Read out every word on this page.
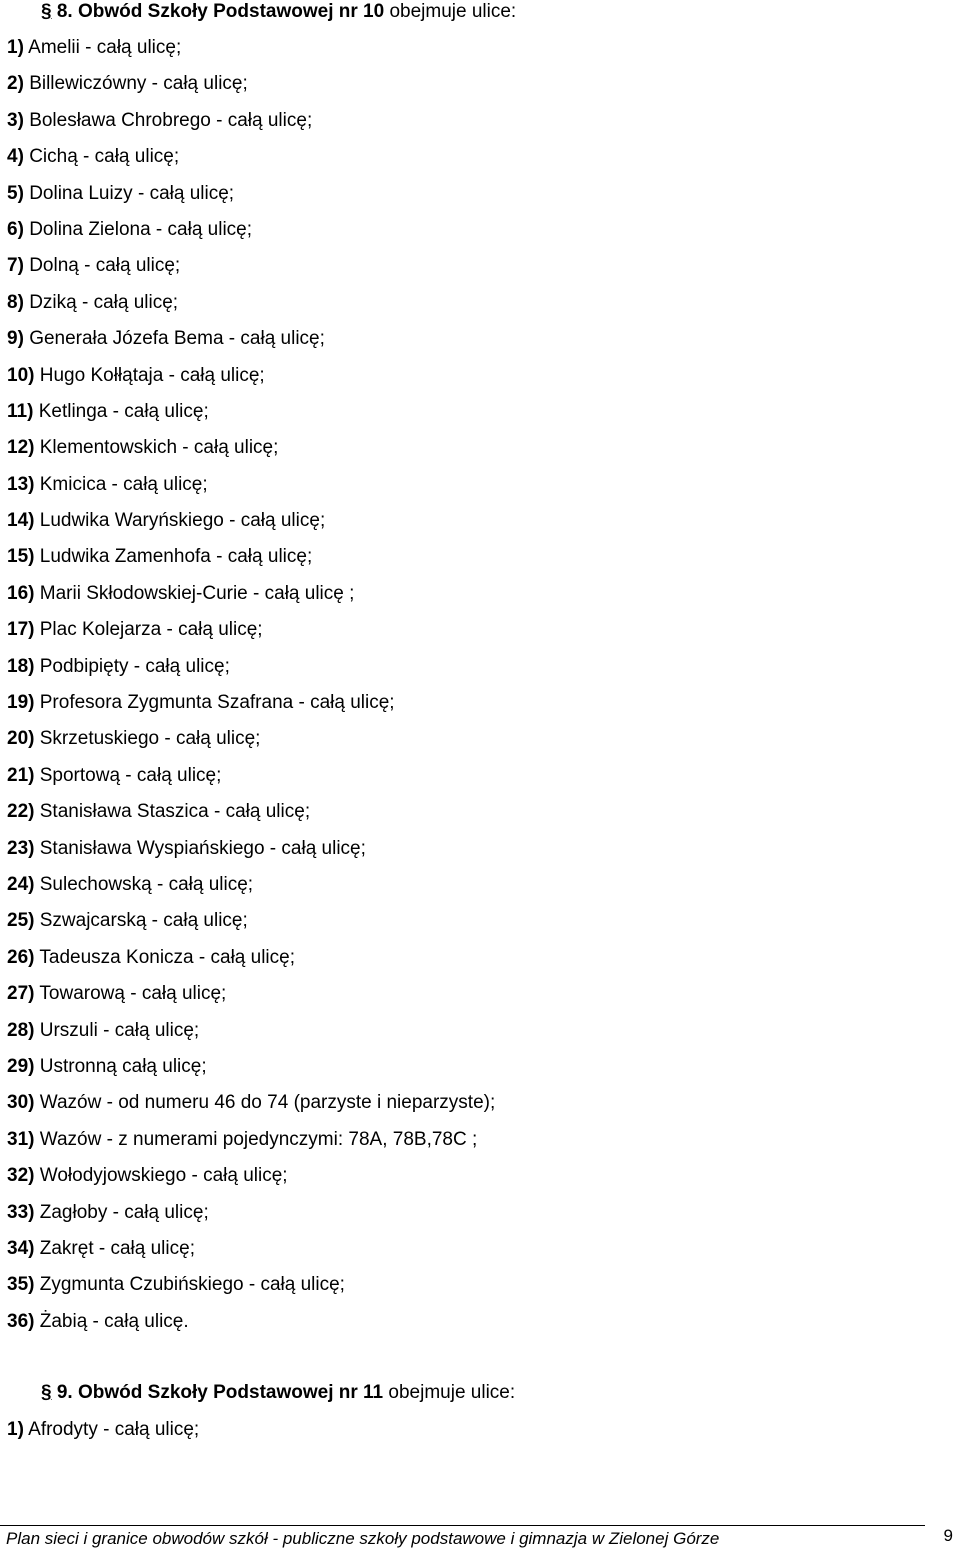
§ 8. Obwód Szkoły Podstawowej nr 10 obejmuje ulice:
1) Amelii - całą ulicę;
2) Billewiczówny - całą ulicę;
3) Bolesława Chrobrego - całą ulicę;
4) Cichą - całą ulicę;
5) Dolina Luizy - całą ulicę;
6) Dolina Zielona - całą ulicę;
7) Dolną - całą ulicę;
8) Dziką - całą ulicę;
9) Generała Józefa Bema - całą ulicę;
10) Hugo Kołłątaja - całą ulicę;
11) Ketlinga - całą ulicę;
12) Klementowskich - całą ulicę;
13) Kmicica - całą ulicę;
14) Ludwika Waryńskiego - całą ulicę;
15) Ludwika Zamenhofa - całą ulicę;
16) Marii Skłodowskiej-Curie - całą ulicę ;
17) Plac Kolejarza - całą ulicę;
18) Podbipięty - całą ulicę;
19) Profesora Zygmunta Szafrana - całą ulicę;
20) Skrzetuskiego - całą ulicę;
21) Sportową - całą ulicę;
22) Stanisława Staszica - całą ulicę;
23) Stanisława Wyspiańskiego - całą ulicę;
24) Sulechowską - całą ulicę;
25) Szwajcarską - całą ulicę;
26) Tadeusza Konicza - całą ulicę;
27) Towarową - całą ulicę;
28) Urszuli - całą ulicę;
29) Ustronną całą ulicę;
30) Wazów - od numeru 46 do 74 (parzyste i nieparzyste);
31) Wazów - z numerami pojedynczymi: 78A, 78B,78C ;
32) Wołodyjowskiego - całą ulicę;
33) Zagłoby - całą ulicę;
34) Zakręt - całą ulicę;
35) Zygmunta Czubińskiego - całą ulicę;
36) Żabią - całą ulicę.
§ 9. Obwód Szkoły Podstawowej nr 11 obejmuje ulice:
1) Afrodyty - całą ulicę;
Plan sieci i granice obwodów szkół - publiczne szkoły podstawowe i gimnazja w Zielonej Górze	9
